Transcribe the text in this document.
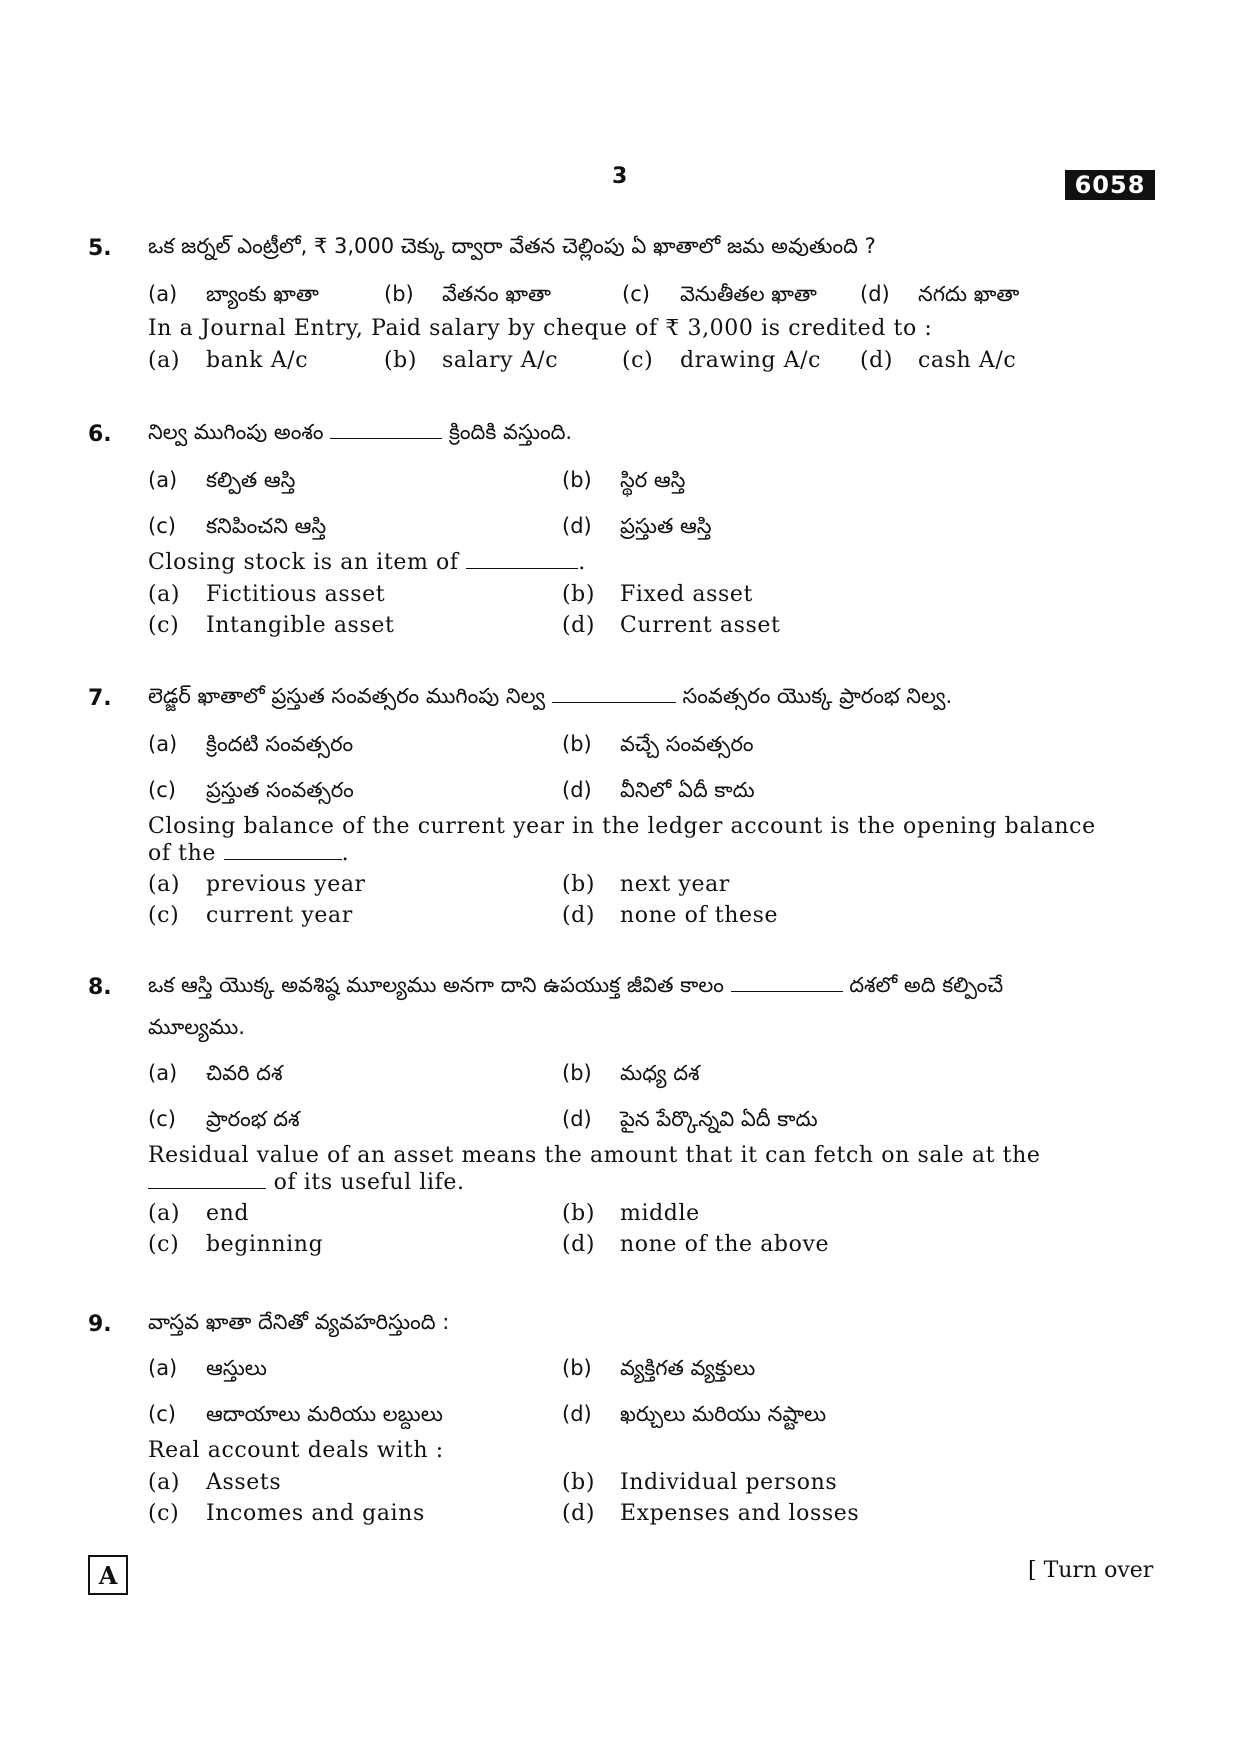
3	6058
5. ఒక జర్నల్ ఎంట్రీలో, ₹ 3,000 చెక్కు ద్వారా వేతన చెల్లింపు ఏ ఖాతాలో జమ అవుతుంది ?
(a) బ్యాంకు ఖాతా	(b) వేతనం ఖాతా	(c) వెనుతీతల ఖాతా (d) నగదు ఖాతా
In a Journal Entry, Paid salary by cheque of ₹ 3,000 is credited to :
(a) bank A/c	(b) salary A/c	(c) drawing A/c (d) cash A/c
6. నిల్వ ముగింపు అంశం	క్రిందికి వస్తుంది.
(a) కల్పిత ఆస్తి	(b) స్థిర ఆస్తి
(c) కనిపించని ఆస్తి	(d) ప్రస్తుత ఆస్తి
Closing stock is an item of	.
(a) Fictitious asset	(b) Fixed asset
(c) Intangible asset	(d) Current asset
7. లెడ్జర్ ఖాతాలో ప్రస్తుత సంవత్సరం ముగింపు నిల్వ	సంవత్సరం యొక్క ప్రారంభ నిల్వ.
(a) క్రిందటి సంవత్సరం	(b) వచ్చే సంవత్సరం
(c) ప్రస్తుత సంవత్సరం	(d) వీనిలో ఏదీ కాదు
Closing balance of the current year in the ledger account is the opening balance
of the	.
(a) previous year	(b) next year
(c) current year	(d) none of these
8. ఒక ఆస్తి యొక్క అవశిష్ఠ మూల్యము అనగా దాని ఉపయుక్త జీవిత కాలం	దశలో అది కల్పించే
మూల్యము.
(a) చివరి దశ	(b) మధ్య దశ
(c) ప్రారంభ దశ	(d) పైన పేర్కొన్నవి ఏదీ కాదు
Residual value of an asset means the amount that it can fetch on sale at the
of its useful life.
(a) end	(b) middle
(c) beginning	(d) none of the above
9. వాస్తవ ఖాతా దేనితో వ్యవహరిస్తుంది :
(a) ఆస్తులు	(b) వ్యక్తిగత వ్యక్తులు
(c) ఆదాయాలు మరియు లబ్దులు	(d) ఖర్చులు మరియు నష్టాలు
Real account deals with :
(a) Assets	(b) Individual persons
(c) Incomes and gains	(d) Expenses and losses
A	[ Turn over
